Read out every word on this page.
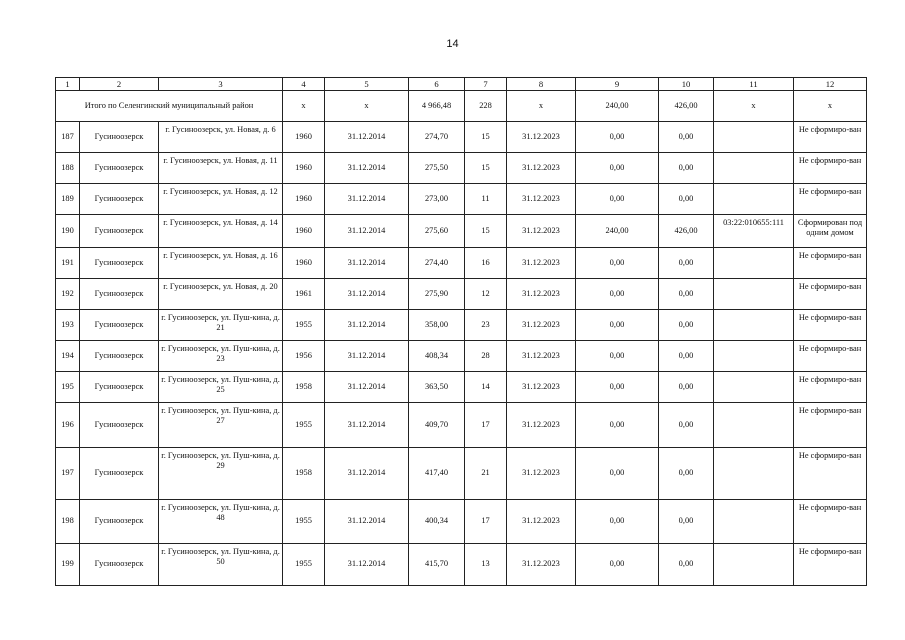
14
1	2	3	4	5	6	7	8	9	10	11	12
Итого по Селенгинский муниципальный район			x	x	4 966,48	228	x	240,00	426,00	x	x
187	Гусиноозерск	г. Гусиноозерск, ул. Новая, д. 6	1960	31.12.2014	274,70	15	31.12.2023	0,00	0,00		Не сформиро-ван
188	Гусиноозерск	г. Гусиноозерск, ул. Новая, д. 11	1960	31.12.2014	275,50	15	31.12.2023	0,00	0,00		Не сформиро-ван
189	Гусиноозерск	г. Гусиноозерск, ул. Новая, д. 12	1960	31.12.2014	273,00	11	31.12.2023	0,00	0,00		Не сформиро-ван
190	Гусиноозерск	г. Гусиноозерск, ул. Новая, д. 14	1960	31.12.2014	275,60	15	31.12.2023	240,00	426,00	03:22:010655:111	Сформирован под одним домом
191	Гусиноозерск	г. Гусиноозерск, ул. Новая, д. 16	1960	31.12.2014	274,40	16	31.12.2023	0,00	0,00		Не сформиро-ван
192	Гусиноозерск	г. Гусиноозерск, ул. Новая, д. 20	1961	31.12.2014	275,90	12	31.12.2023	0,00	0,00		Не сформиро-ван
193	Гусиноозерск	г. Гусиноозерск, ул. Пуш-кина, д. 21	1955	31.12.2014	358,00	23	31.12.2023	0,00	0,00		Не сформиро-ван
194	Гусиноозерск	г. Гусиноозерск, ул. Пуш-кина, д. 23	1956	31.12.2014	408,34	28	31.12.2023	0,00	0,00		Не сформиро-ван
195	Гусиноозерск	г. Гусиноозерск, ул. Пуш-кина, д. 25	1958	31.12.2014	363,50	14	31.12.2023	0,00	0,00		Не сформиро-ван
196	Гусиноозерск	г. Гусиноозерск, ул. Пуш-кина, д. 27	1955	31.12.2014	409,70	17	31.12.2023	0,00	0,00		Не сформиро-ван
197	Гусиноозерск	г. Гусиноозерск, ул. Пуш-кина, д. 29	1958	31.12.2014	417,40	21	31.12.2023	0,00	0,00		Не сформиро-ван
198	Гусиноозерск	г. Гусиноозерск, ул. Пуш-кина, д. 48	1955	31.12.2014	400,34	17	31.12.2023	0,00	0,00		Не сформиро-ван
199	Гусиноозерск	г. Гусиноозерск, ул. Пуш-кина, д. 50	1955	31.12.2014	415,70	13	31.12.2023	0,00	0,00		Не сформиро-ван
